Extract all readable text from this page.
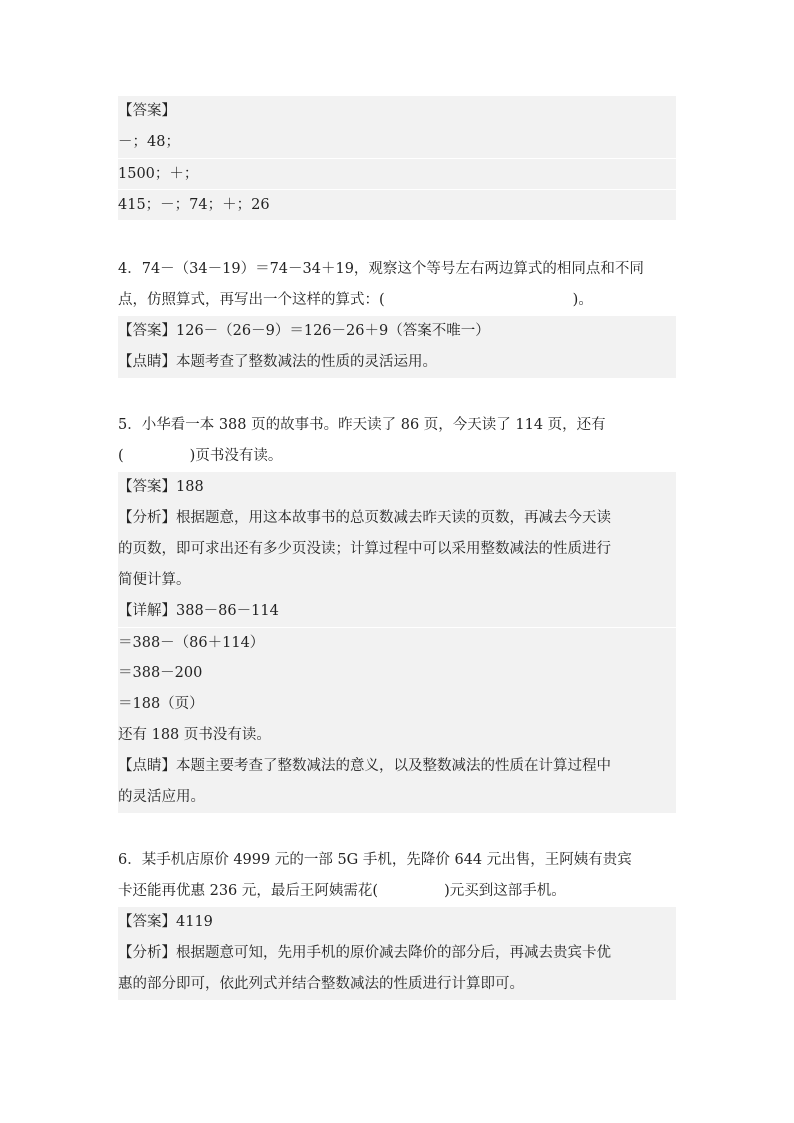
【答案】
－；48；
1500；＋；
415；－；74；＋；26
4．74－（34－19）＝74－34＋19，观察这个等号左右两边算式的相同点和不同
点，仿照算式，再写出一个这样的算式：(	)。
【答案】126－（26－9）＝126－26＋9（答案不唯一）
【点睛】本题考查了整数减法的性质的灵活运用。
5．小华看一本 388 页的故事书。昨天读了 86 页，今天读了 114 页，还有
(	)页书没有读。
【答案】188
【分析】根据题意，用这本故事书的总页数减去昨天读的页数，再减去今天读
的页数，即可求出还有多少页没读；计算过程中可以采用整数减法的性质进行
简便计算。
【详解】388－86－114
＝388－（86＋114）
＝388－200
＝188（页）
还有 188 页书没有读。
【点睛】本题主要考查了整数减法的意义，以及整数减法的性质在计算过程中
的灵活应用。
6．某手机店原价 4999 元的一部 5G 手机，先降价 644 元出售，王阿姨有贵宾
卡还能再优惠 236 元，最后王阿姨需花(	)元买到这部手机。
【答案】4119
【分析】根据题意可知，先用手机的原价减去降价的部分后，再减去贵宾卡优
惠的部分即可，依此列式并结合整数减法的性质进行计算即可。
